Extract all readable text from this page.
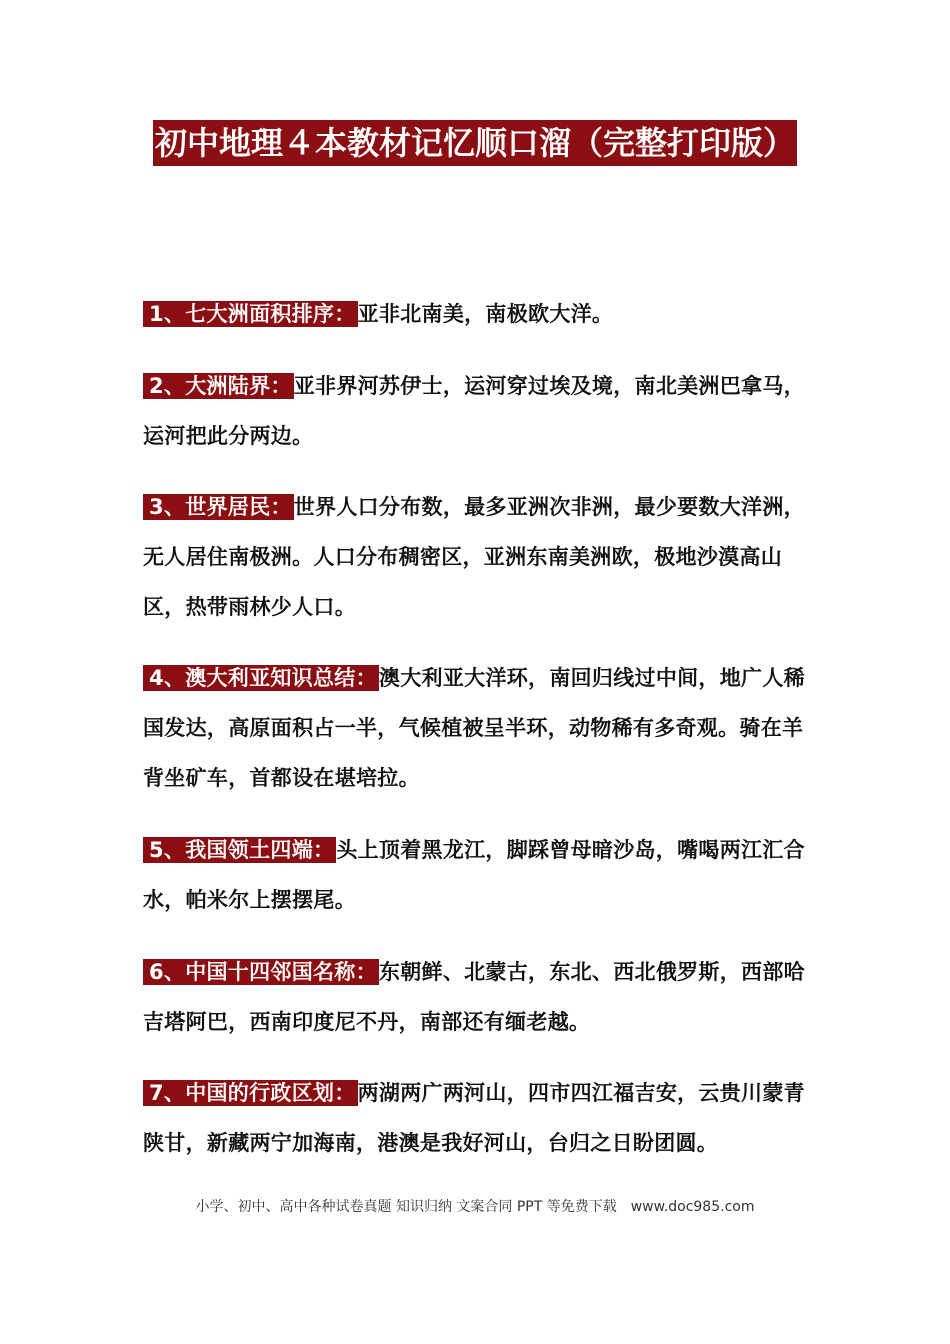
初中地理４本教材记忆顺口溜（完整打印版）
1、七大洲面积排序：亚非北南美，南极欧大洋。
2、大洲陆界：亚非界河苏伊士，运河穿过埃及境，南北美洲巴拿马，运河把此分两边。
3、世界居民：世界人口分布数，最多亚洲次非洲，最少要数大洋洲，无人居住南极洲。人口分布稠密区，亚洲东南美洲欧，极地沙漠高山区，热带雨林少人口。
4、澳大利亚知识总结：澳大利亚大洋环，南回归线过中间，地广人稀国发达，高原面积占一半，气候植被呈半环，动物稀有多奇观。骑在羊背坐矿车，首都设在堪培拉。
5、我国领土四端：头上顶着黑龙江，脚踩曾母暗沙岛，嘴喝两江汇合水，帕米尔上摆摆尾。
6、中国十四邻国名称：东朝鲜、北蒙古，东北、西北俄罗斯，西部哈吉塔阿巴，西南印度尼不丹，南部还有缅老越。
7、中国的行政区划：两湖两广两河山，四市四江福吉安，云贵川蒙青陕甘，新藏两宁加海南，港澳是我好河山，台归之日盼团圆。
小学、初中、高中各种试卷真题 知识归纳 文案合同 PPT 等免费下载　www.doc985.com
